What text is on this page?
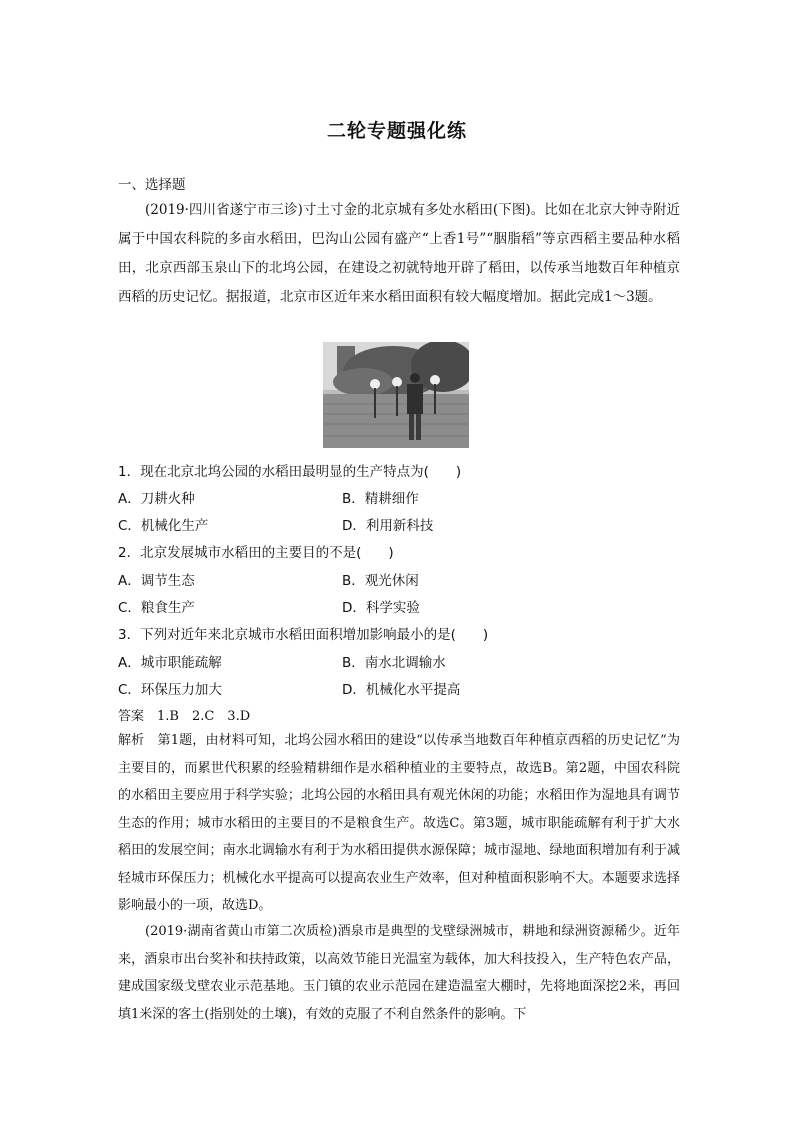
二轮专题强化练
一、选择题
(2019·四川省遂宁市三诊)寸土寸金的北京城有多处水稻田(下图)。比如在北京大钟寺附近属于中国农科院的多亩水稻田，巴沟山公园有盛产“上香1号”“胭脂稻”等京西稻主要品种水稻田，北京西部玉泉山下的北坞公园，在建设之初就特地开辟了稻田，以传承当地数百年种植京西稻的历史记忆。据报道，北京市区近年来水稻田面积有较大幅度增加。据此完成1～3题。
1．现在北京北坞公园的水稻田最明显的生产特点为(　　)
A．刀耕火种	B．精耕细作
C．机械化生产	D．利用新科技
2．北京发展城市水稻田的主要目的不是(　　)
A．调节生态	B．观光休闲
C．粮食生产	D．科学实验
3．下列对近年来北京城市水稻田面积增加影响最小的是(　　)
A．城市职能疏解	B．南水北调输水
C．环保压力加大	D．机械化水平提高
答案　1.B　2.C　3.D
解析　第1题，由材料可知，北坞公园水稻田的建设“以传承当地数百年种植京西稻的历史记忆”为主要目的，而累世代积累的经验精耕细作是水稻种植业的主要特点，故选B。第2题，中国农科院的水稻田主要应用于科学实验；北坞公园的水稻田具有观光休闲的功能；水稻田作为湿地具有调节生态的作用；城市水稻田的主要目的不是粮食生产。故选C。第3题，城市职能疏解有利于扩大水稻田的发展空间；南水北调输水有利于为水稻田提供水源保障；城市湿地、绿地面积增加有利于减轻城市环保压力；机械化水平提高可以提高农业生产效率，但对种植面积影响不大。本题要求选择影响最小的一项，故选D。
(2019·湖南省黄山市第二次质检)酒泉市是典型的戈壁绿洲城市，耕地和绿洲资源稀少。近年来，酒泉市出台奖补和扶持政策，以高效节能日光温室为载体，加大科技投入，生产特色农产品，建成国家级戈壁农业示范基地。玉门镇的农业示范园在建造温室大棚时，先将地面深挖2米，再回填1米深的客土(指别处的土壤)，有效的克服了不利自然条件的影响。下
